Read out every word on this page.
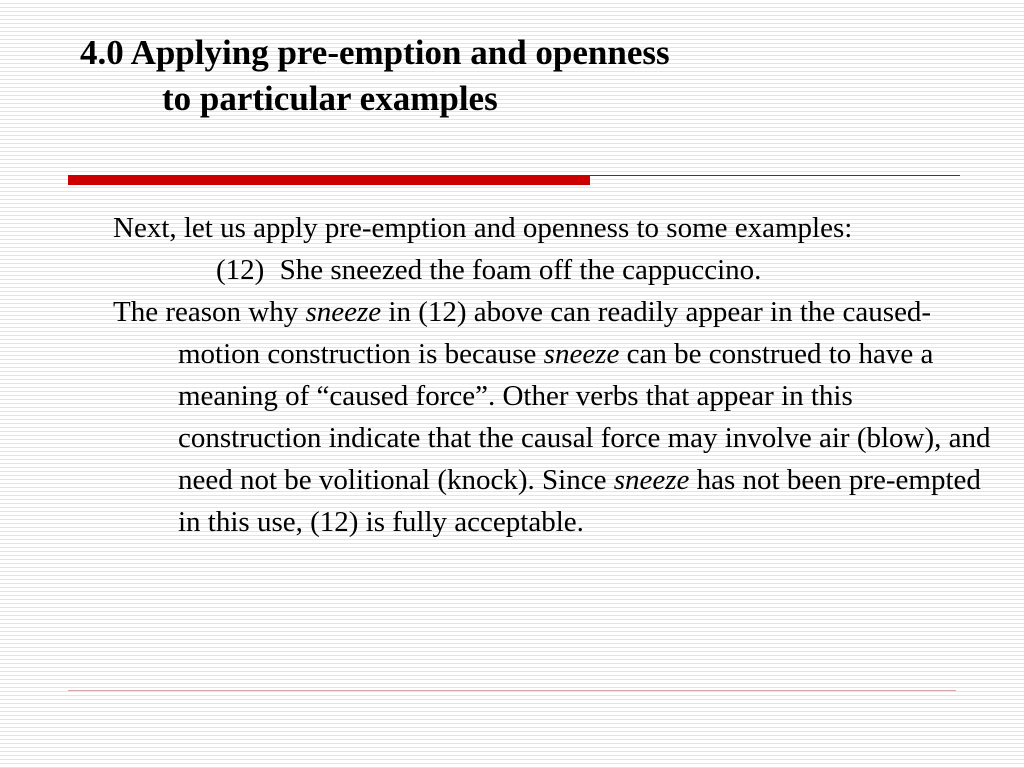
4.0 Applying pre-emption and openness
to particular examples

Next, let us apply pre-emption and openness to some examples:

(12) She sneezed the foam off the cappuccino.

The reason why sneeze in (12) above can readily appear in the caused-motion construction is because sneeze can be construed to have a meaning of “caused force”. Other verbs that appear in this construction indicate that the causal force may involve air (blow), and need not be volitional (knock). Since sneeze has not been pre-empted in this use, (12) is fully acceptable.
